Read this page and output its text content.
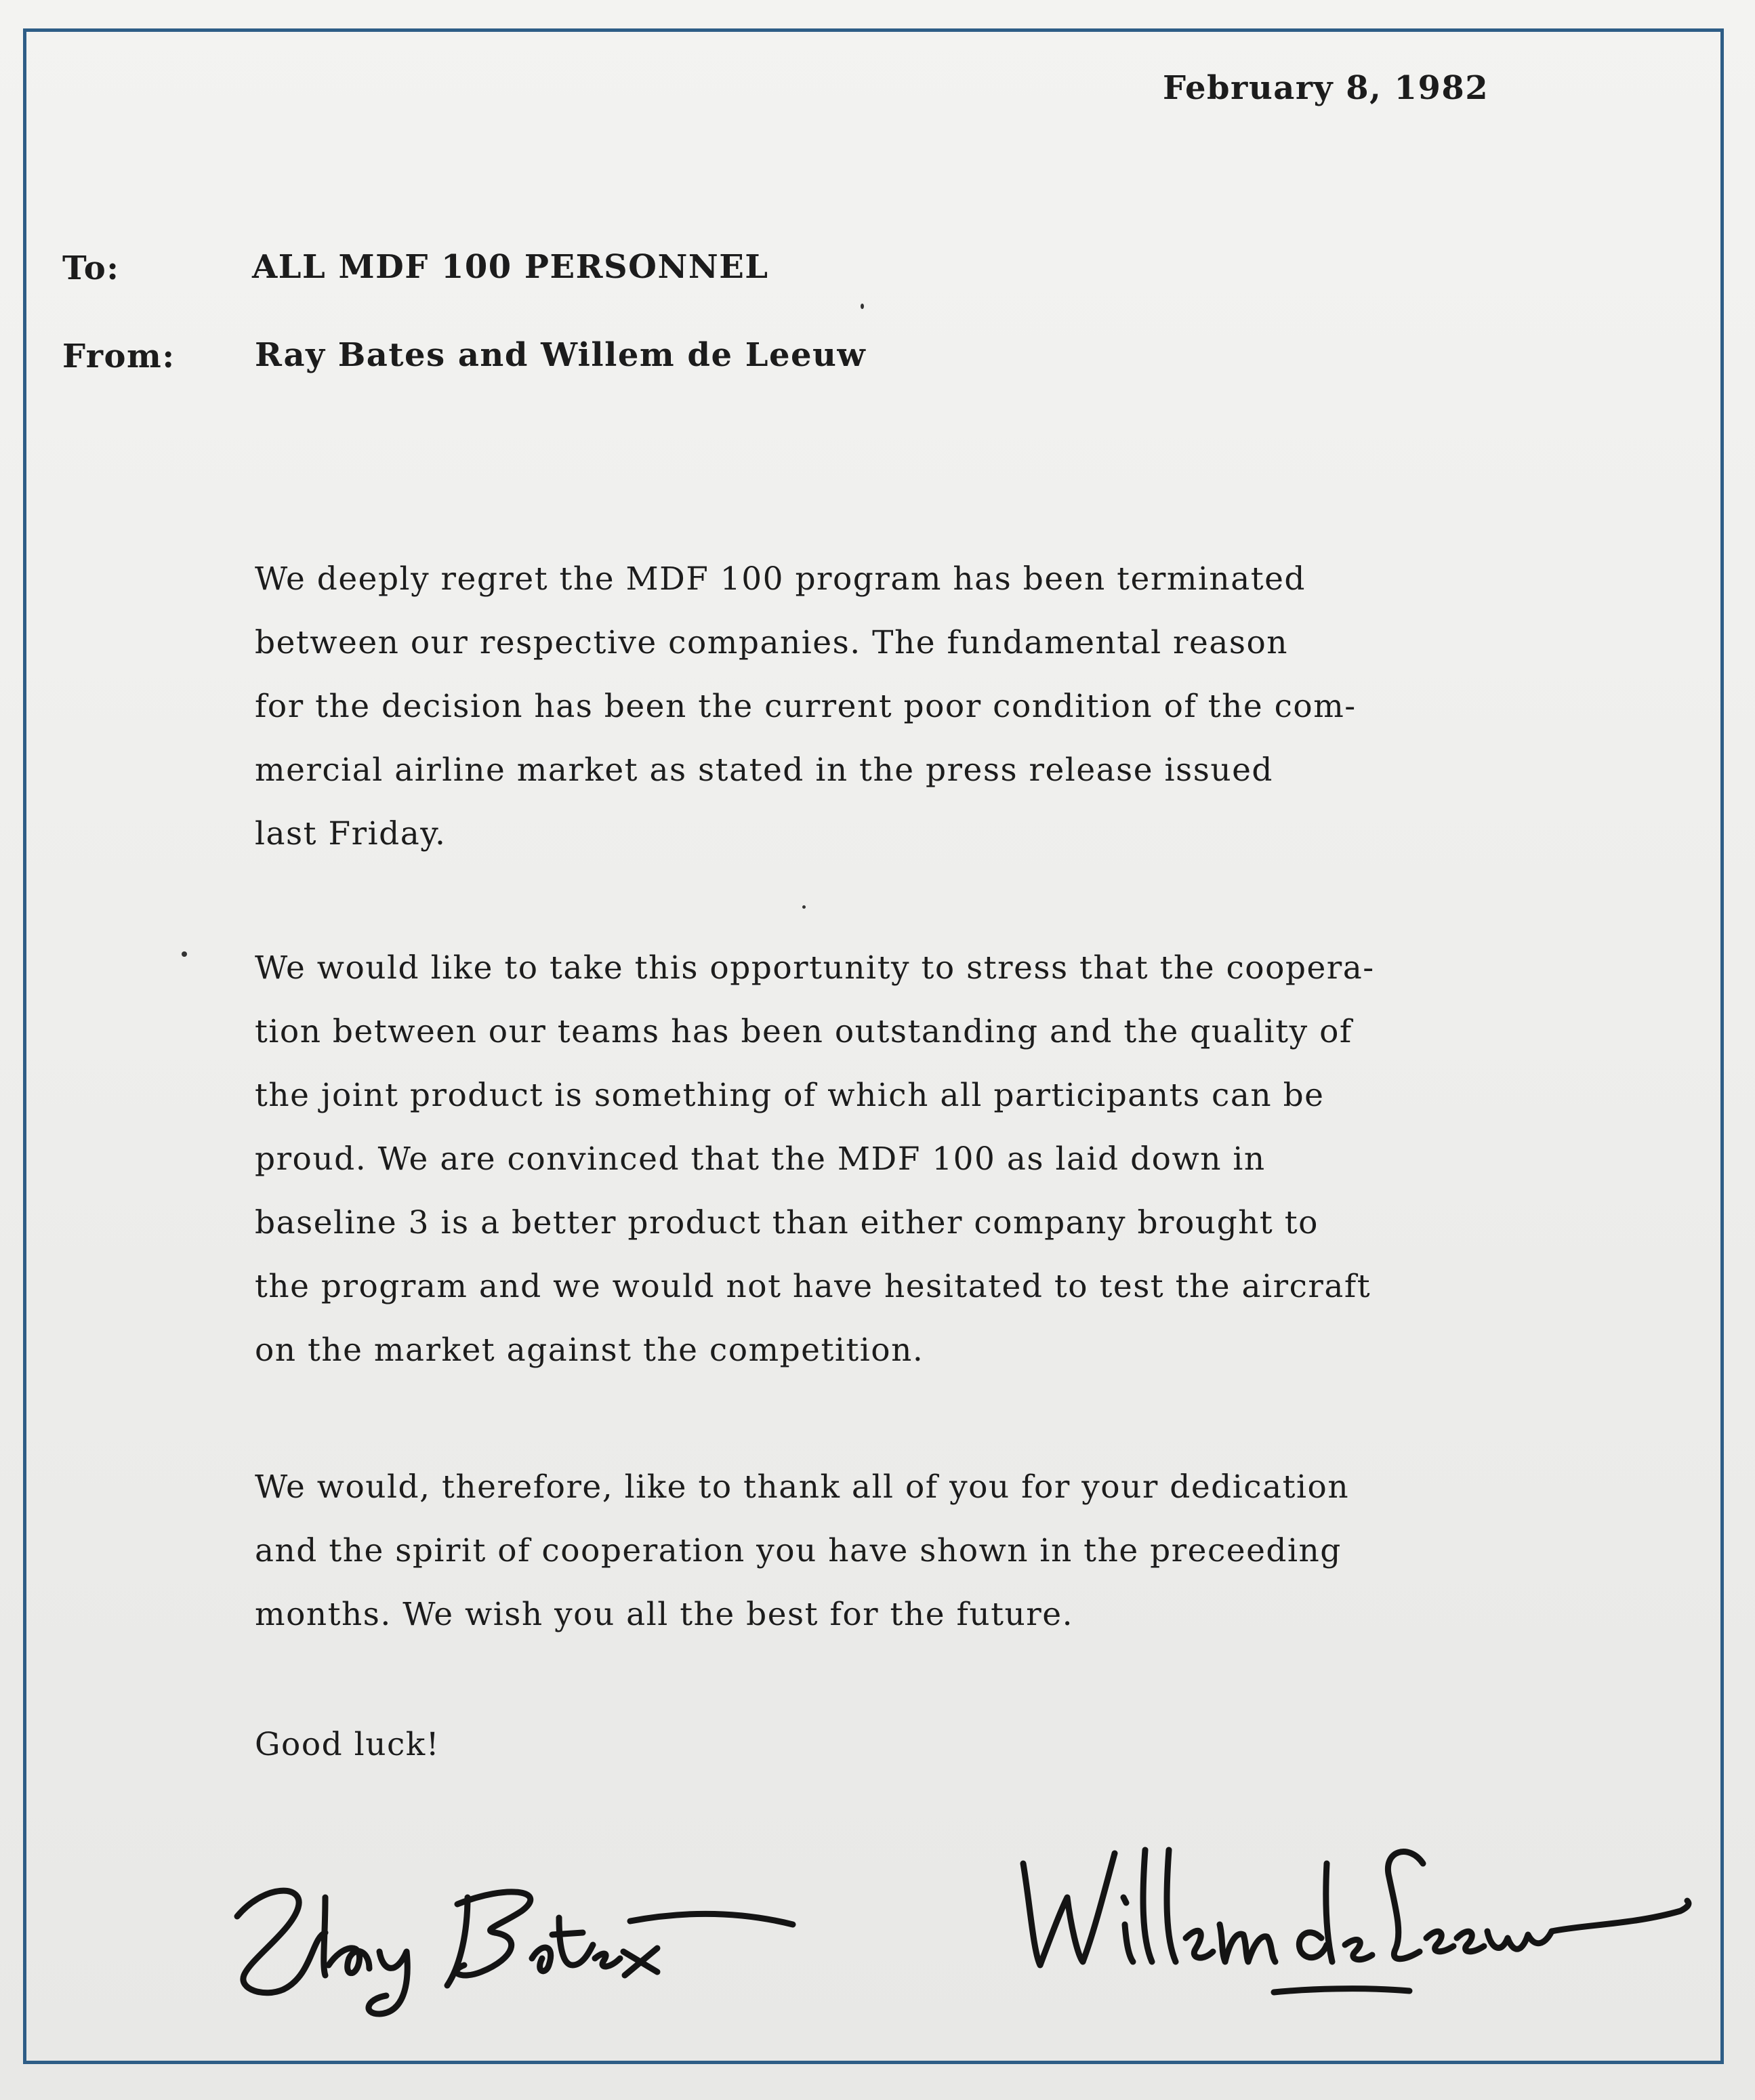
February 8, 1982
To:	ALL MDF 100 PERSONNEL
From: Ray Bates and Willem de Leeuw
We deeply regret the MDF 100 program has been terminated
between our respective companies. The fundamental reason
for the decision has been the current poor condition of the com-
mercial airline market as stated in the press release issued
last Friday.
We would like to take this opportunity to stress that the coopera-
tion between our teams has been outstanding and the quality of
the joint product is something of which all participants can be
proud. We are convinced that the MDF 100 as laid down in
baseline 3 is a better product than either company brought to
the program and we would not have hesitated to test the aircraft
on the market against the competition.
We would, therefore, like to thank all of you for your dedication
and the spirit of cooperation you have shown in the preceeding
months. We wish you all the best for the future.
Good luck!
